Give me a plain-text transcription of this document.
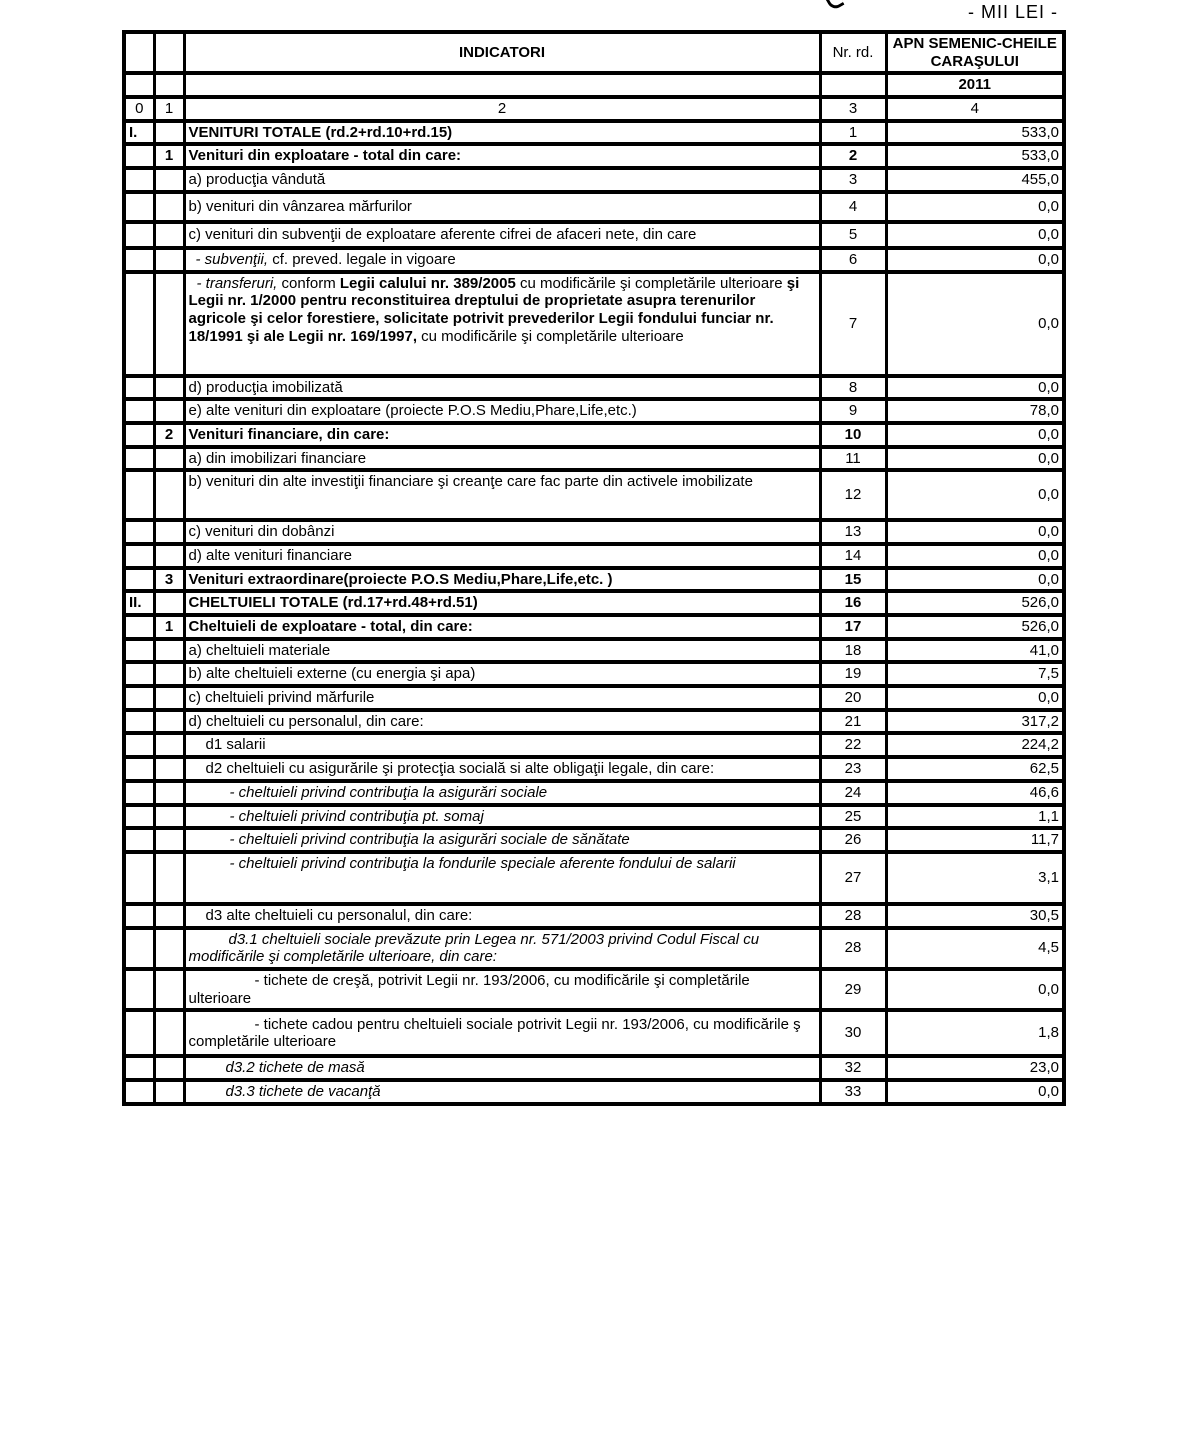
- MII LEI -
		INDICATORI	Nr. rd.	APN SEMENIC-CHEILE CARAŞULUI
				2011
0	1	2	3	4
I.		VENITURI TOTALE (rd.2+rd.10+rd.15)	1	533,0
	1	Venituri din exploatare - total din care:	2	533,0
		a) producţia vândută	3	455,0
		b) venituri din vânzarea mărfurilor	4	0,0
		c) venituri din subvenţii de exploatare aferente cifrei de afaceri nete, din care	5	0,0
		- subvenţii, cf. preved. legale in vigoare	6	0,0
		- transferuri, conform Legii calului nr. 389/2005 cu modificările şi completările ulterioare şi Legii nr. 1/2000 pentru reconstituirea dreptului de proprietate asupra terenurilor agricole şi celor forestiere, solicitate potrivit prevederilor Legii fondului funciar nr. 18/1991 şi ale Legii nr. 169/1997, cu modificările şi completările ulterioare	7	0,0
		d) producţia imobilizată	8	0,0
		e) alte venituri din exploatare (proiecte P.O.S Mediu,Phare,Life,etc.)	9	78,0
	2	Venituri financiare, din care:	10	0,0
		a) din imobilizari financiare	11	0,0
		b) venituri din alte investiţii financiare şi creanţe care fac parte din activele imobilizate	12	0,0
		c) venituri din dobânzi	13	0,0
		d) alte venituri financiare	14	0,0
	3	Venituri extraordinare(proiecte P.O.S Mediu,Phare,Life,etc. )	15	0,0
II.		CHELTUIELI TOTALE (rd.17+rd.48+rd.51)	16	526,0
	1	Cheltuieli de exploatare - total, din care:	17	526,0
		a) cheltuieli materiale	18	41,0
		b) alte cheltuieli externe (cu energia şi apa)	19	7,5
		c) cheltuieli privind mărfurile	20	0,0
		d) cheltuieli cu personalul, din care:	21	317,2
		d1 salarii	22	224,2
		d2 cheltuieli cu asigurările şi protecţia socială si alte obligaţii legale, din care:	23	62,5
		- cheltuieli privind contribuţia la asigurări sociale	24	46,6
		- cheltuieli privind contribuţia pt. somaj	25	1,1
		- cheltuieli privind contribuţia la asigurări sociale de sănătate	26	11,7
		- cheltuieli privind contribuţia la fondurile speciale aferente fondului de salarii	27	3,1
		d3 alte cheltuieli cu personalul, din care:	28	30,5
		d3.1 cheltuieli sociale prevăzute prin Legea nr. 571/2003 privind Codul Fiscal cu modificările şi completările ulterioare, din care:	28	4,5
		- tichete de creşă, potrivit Legii nr. 193/2006, cu modificările şi completările ulterioare	29	0,0
		- tichete cadou pentru cheltuieli sociale potrivit Legii nr. 193/2006, cu modificările ş completările ulterioare	30	1,8
		d3.2 tichete de masă	32	23,0
		d3.3 tichete de vacanţă	33	0,0
